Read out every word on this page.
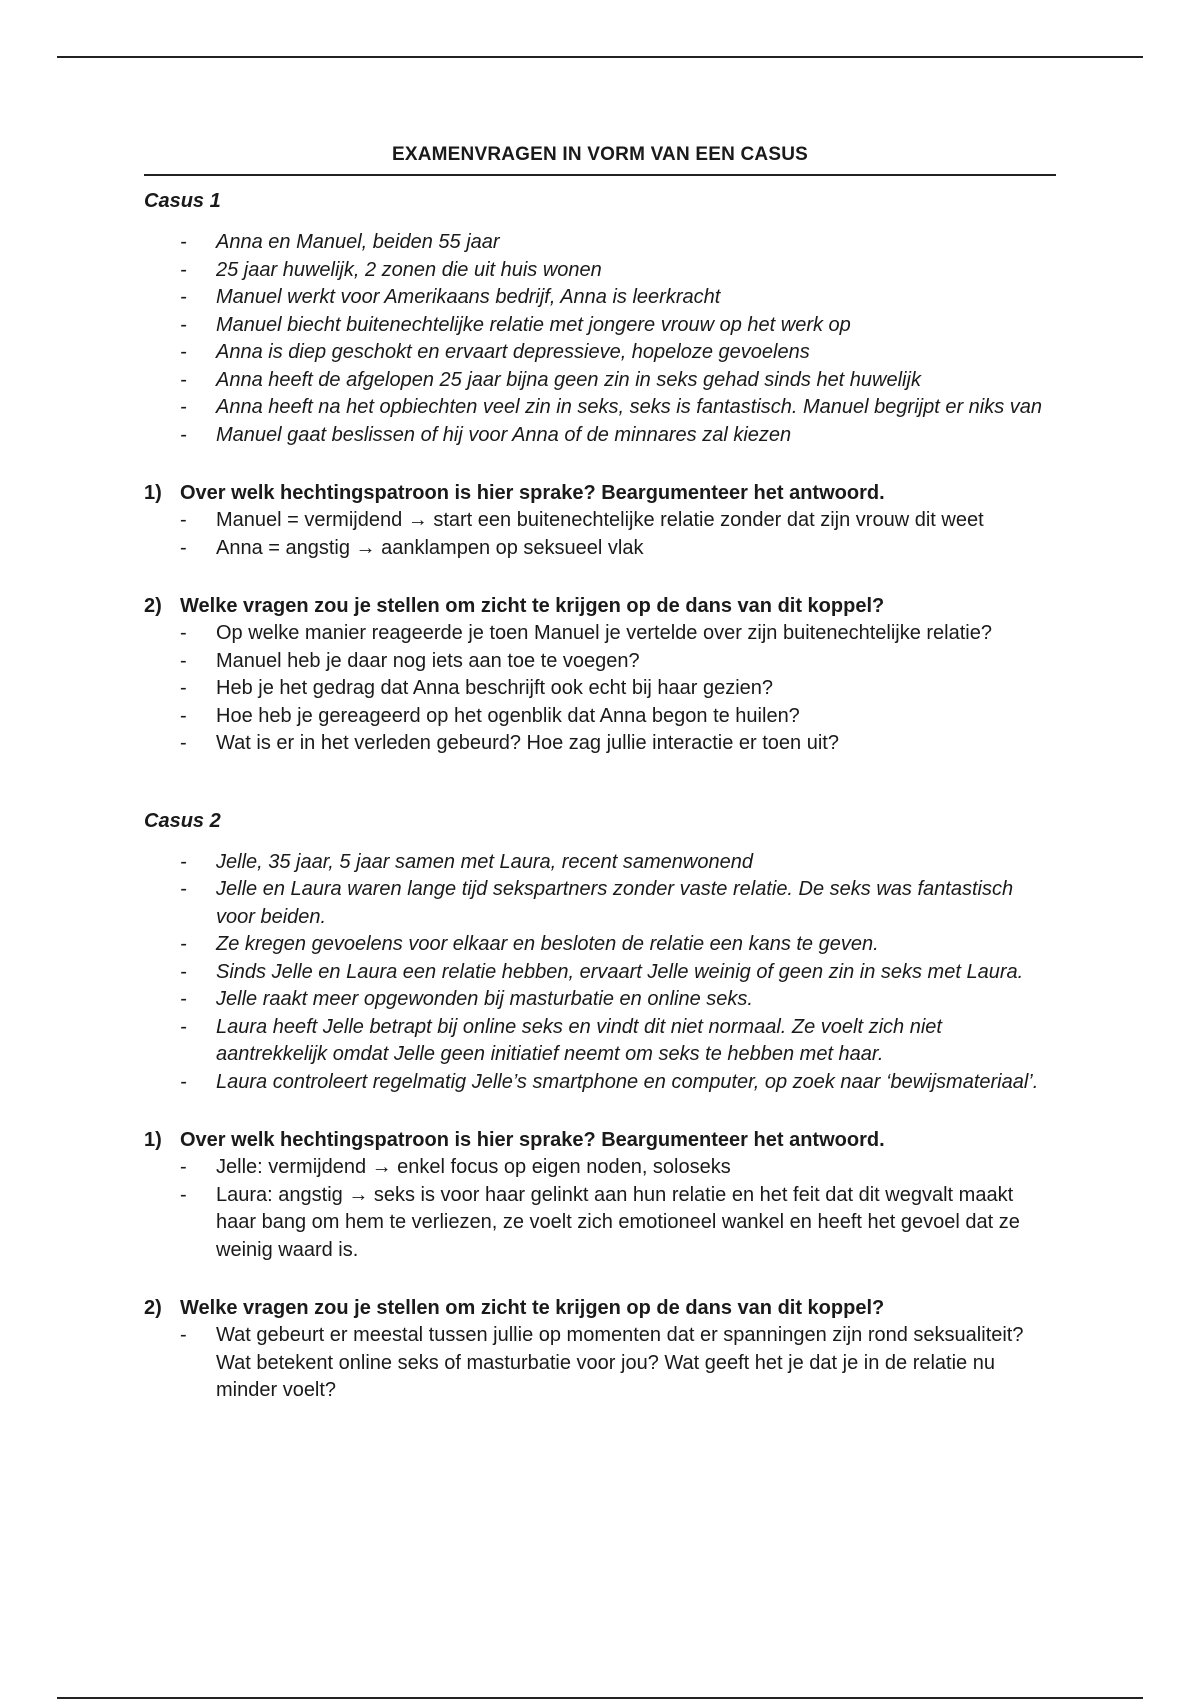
EXAMENVRAGEN IN VORM VAN EEN CASUS
Casus 1
- Anna en Manuel, beiden 55 jaar
- 25 jaar huwelijk, 2 zonen die uit huis wonen
- Manuel werkt voor Amerikaans bedrijf, Anna is leerkracht
- Manuel biecht buitenechtelijke relatie met jongere vrouw op het werk op
- Anna is diep geschokt en ervaart depressieve, hopeloze gevoelens
- Anna heeft de afgelopen 25 jaar bijna geen zin in seks gehad sinds het huwelijk
- Anna heeft na het opbiechten veel zin in seks, seks is fantastisch. Manuel begrijpt er niks van
- Manuel gaat beslissen of hij voor Anna of de minnares zal kiezen
1) Over welk hechtingspatroon is hier sprake? Beargumenteer het antwoord.
- Manuel = vermijdend → start een buitenechtelijke relatie zonder dat zijn vrouw dit weet
- Anna = angstig → aanklampen op seksueel vlak
2) Welke vragen zou je stellen om zicht te krijgen op de dans van dit koppel?
- Op welke manier reageerde je toen Manuel je vertelde over zijn buitenechtelijke relatie?
- Manuel heb je daar nog iets aan toe te voegen?
- Heb je het gedrag dat Anna beschrijft ook echt bij haar gezien?
- Hoe heb je gereageerd op het ogenblik dat Anna begon te huilen?
- Wat is er in het verleden gebeurd? Hoe zag jullie interactie er toen uit?
Casus 2
- Jelle, 35 jaar, 5 jaar samen met Laura, recent samenwonend
- Jelle en Laura waren lange tijd sekspartners zonder vaste relatie. De seks was fantastisch voor beiden.
- Ze kregen gevoelens voor elkaar en besloten de relatie een kans te geven.
- Sinds Jelle en Laura een relatie hebben, ervaart Jelle weinig of geen zin in seks met Laura.
- Jelle raakt meer opgewonden bij masturbatie en online seks.
- Laura heeft Jelle betrapt bij online seks en vindt dit niet normaal. Ze voelt zich niet aantrekkelijk omdat Jelle geen initiatief neemt om seks te hebben met haar.
- Laura controleert regelmatig Jelle’s smartphone en computer, op zoek naar ‘bewijsmateriaal’.
1) Over welk hechtingspatroon is hier sprake? Beargumenteer het antwoord.
- Jelle: vermijdend → enkel focus op eigen noden, soloseks
- Laura: angstig → seks is voor haar gelinkt aan hun relatie en het feit dat dit wegvalt maakt haar bang om hem te verliezen, ze voelt zich emotioneel wankel en heeft het gevoel dat ze weinig waard is.
2) Welke vragen zou je stellen om zicht te krijgen op de dans van dit koppel?
- Wat gebeurt er meestal tussen jullie op momenten dat er spanningen zijn rond seksualiteit? Wat betekent online seks of masturbatie voor jou? Wat geeft het je dat je in de relatie nu minder voelt?
